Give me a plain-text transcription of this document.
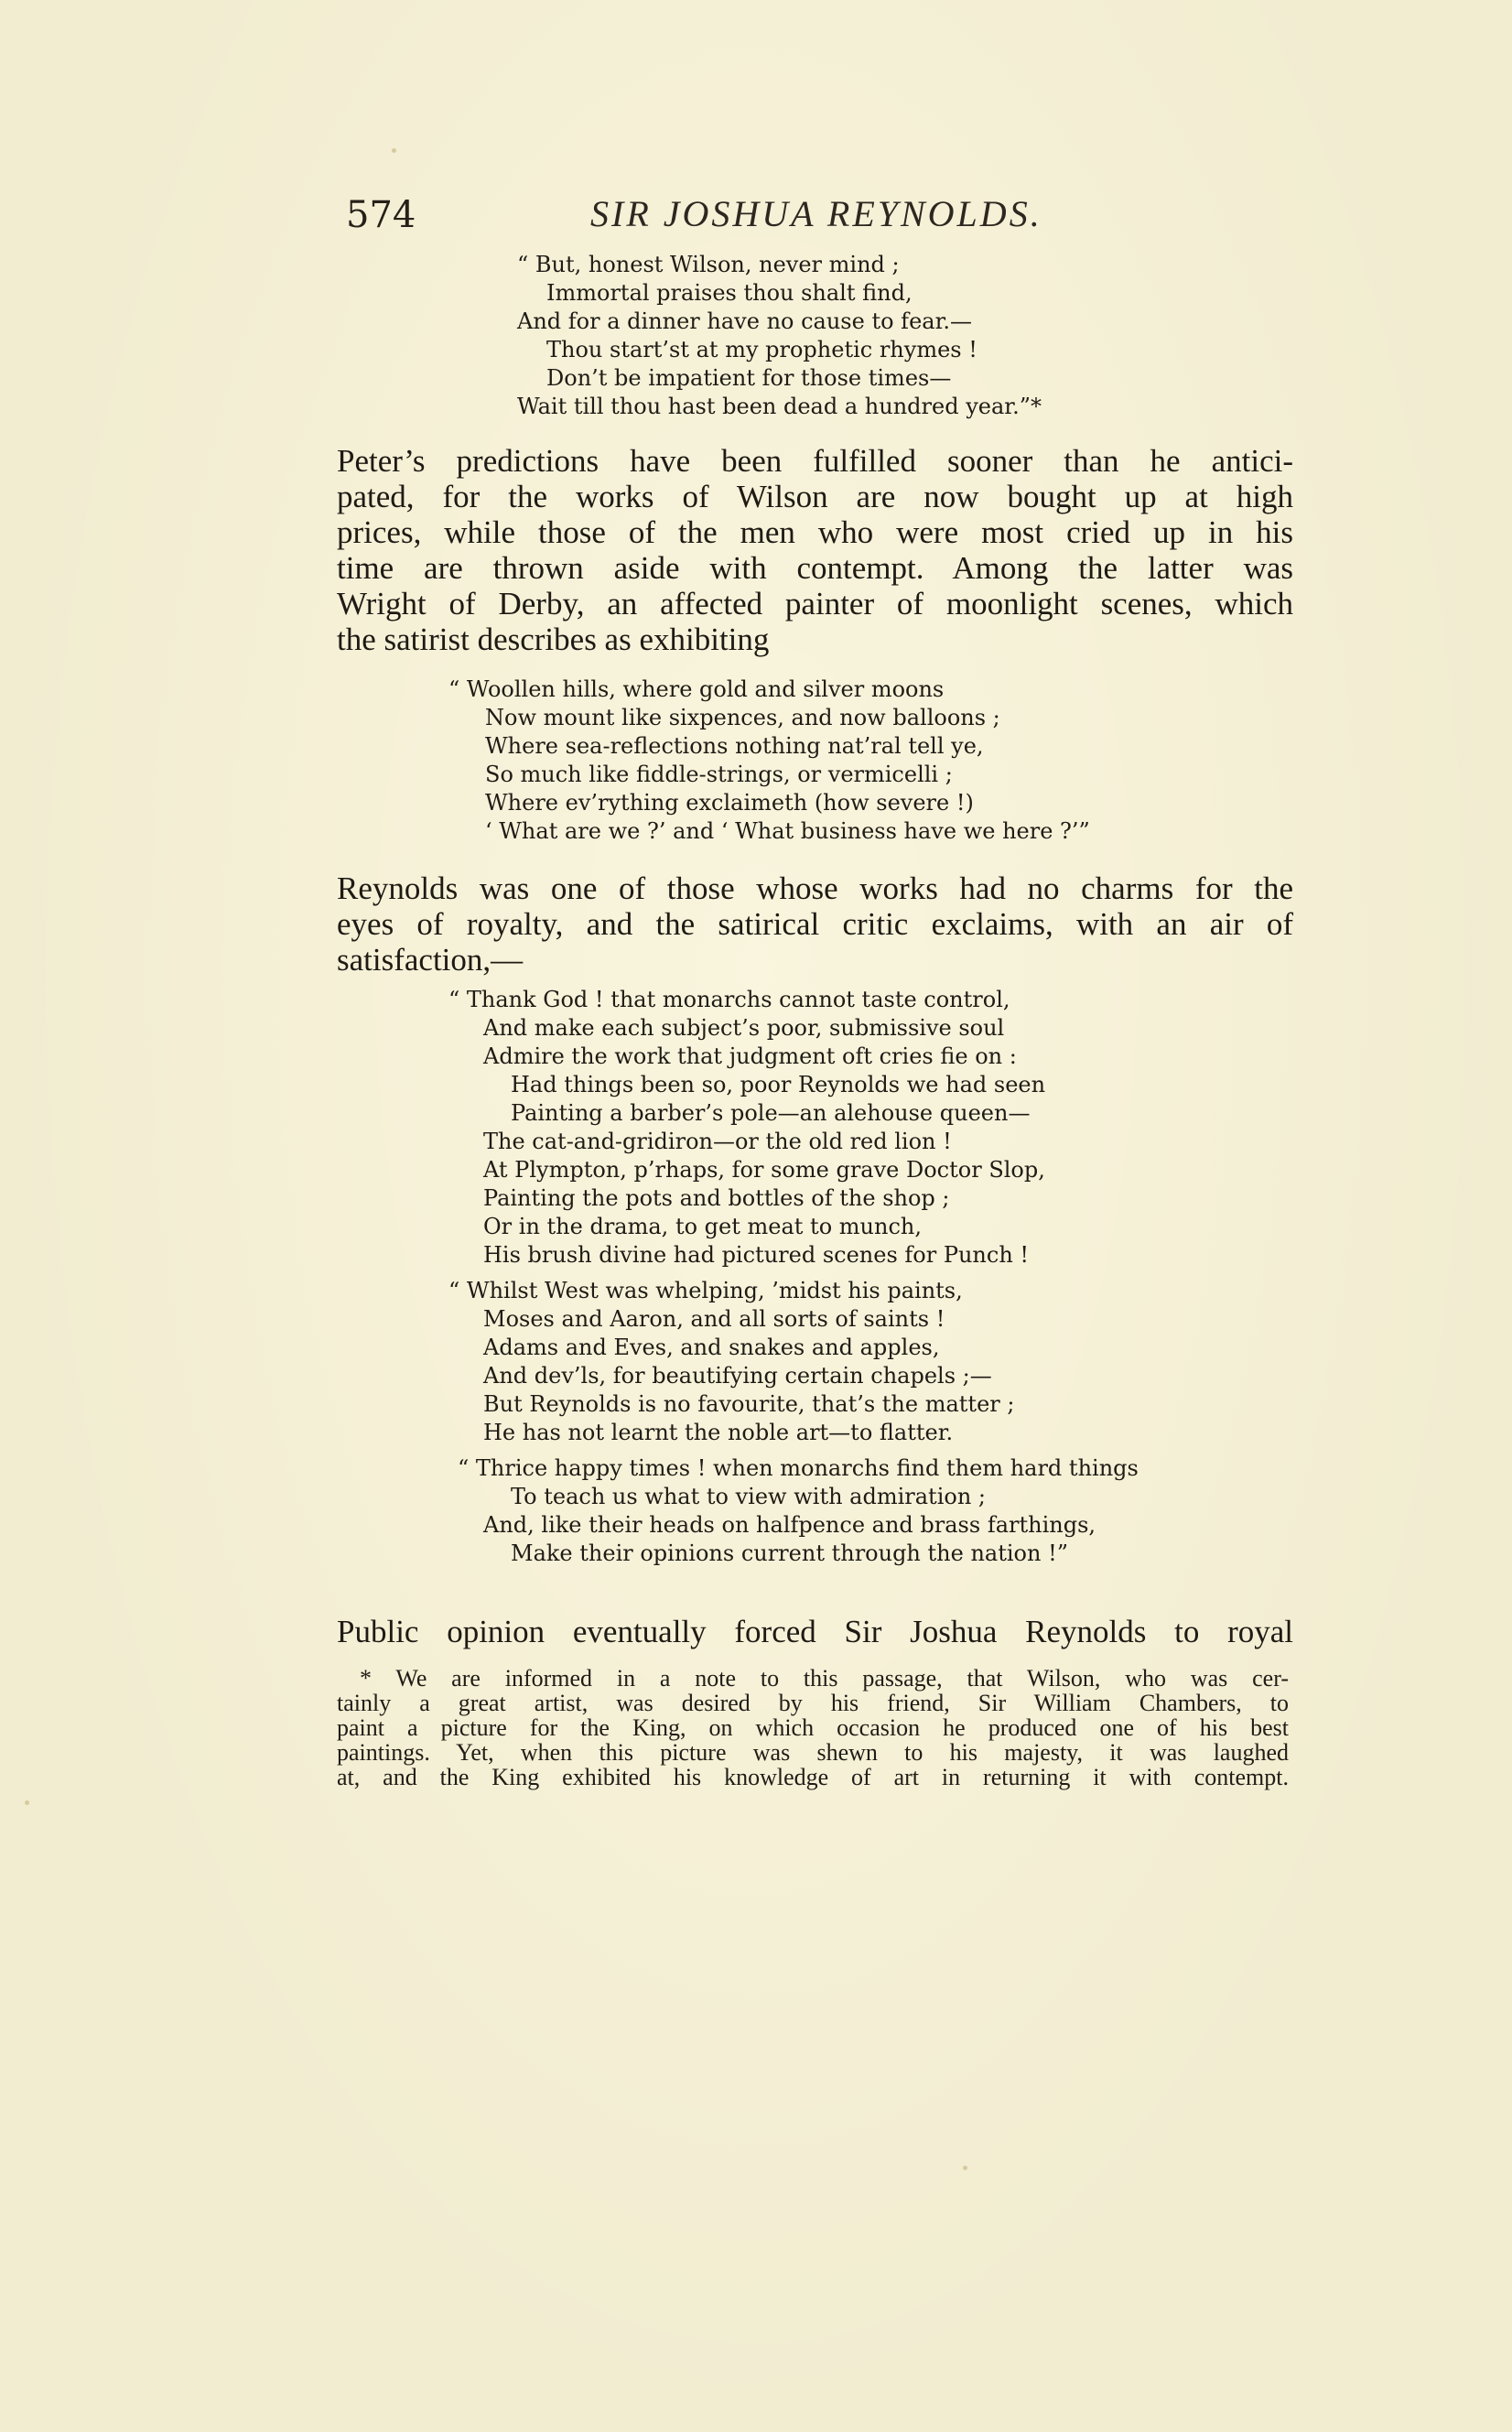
574	SIR JOSHUA REYNOLDS.
“ But, honest Wilson, never mind ;
Immortal praises thou shalt find,
And for a dinner have no cause to fear.—
Thou start’st at my prophetic rhymes !
Don’t be impatient for those times—
Wait till thou hast been dead a hundred year.”*
Peter’s predictions have been fulfilled sooner than he antici-
pated, for the works of Wilson are now bought up at high
prices, while those of the men who were most cried up in his
time are thrown aside with contempt. Among the latter was
Wright of Derby, an affected painter of moonlight scenes, which
the satirist describes as exhibiting
“ Woollen hills, where gold and silver moons
Now mount like sixpences, and now balloons ;
Where sea-reflections nothing nat’ral tell ye,
So much like fiddle-strings, or vermicelli ;
Where ev’rything exclaimeth (how severe !)
‘ What are we ?’ and ‘ What business have we here ?’”
Reynolds was one of those whose works had no charms for the
eyes of royalty, and the satirical critic exclaims, with an air of
satisfaction,—
“ Thank God ! that monarchs cannot taste control,
And make each subject’s poor, submissive soul
Admire the work that judgment oft cries fie on :
Had things been so, poor Reynolds we had seen
Painting a barber’s pole—an alehouse queen—
The cat-and-gridiron—or the old red lion !
At Plympton, p’rhaps, for some grave Doctor Slop,
Painting the pots and bottles of the shop ;
Or in the drama, to get meat to munch,
His brush divine had pictured scenes for Punch !
“ Whilst West was whelping, ’midst his paints,
Moses and Aaron, and all sorts of saints !
Adams and Eves, and snakes and apples,
And dev’ls, for beautifying certain chapels ;—
But Reynolds is no favourite, that’s the matter ;
He has not learnt the noble art—to flatter.
“ Thrice happy times ! when monarchs find them hard things
To teach us what to view with admiration ;
And, like their heads on halfpence and brass farthings,
Make their opinions current through the nation !”
Public opinion eventually forced Sir Joshua Reynolds to royal
* We are informed in a note to this passage, that Wilson, who was cer-
tainly a great artist, was desired by his friend, Sir William Chambers, to
paint a picture for the King, on which occasion he produced one of his best
paintings. Yet, when this picture was shewn to his majesty, it was laughed
at, and the King exhibited his knowledge of art in returning it with contempt.
